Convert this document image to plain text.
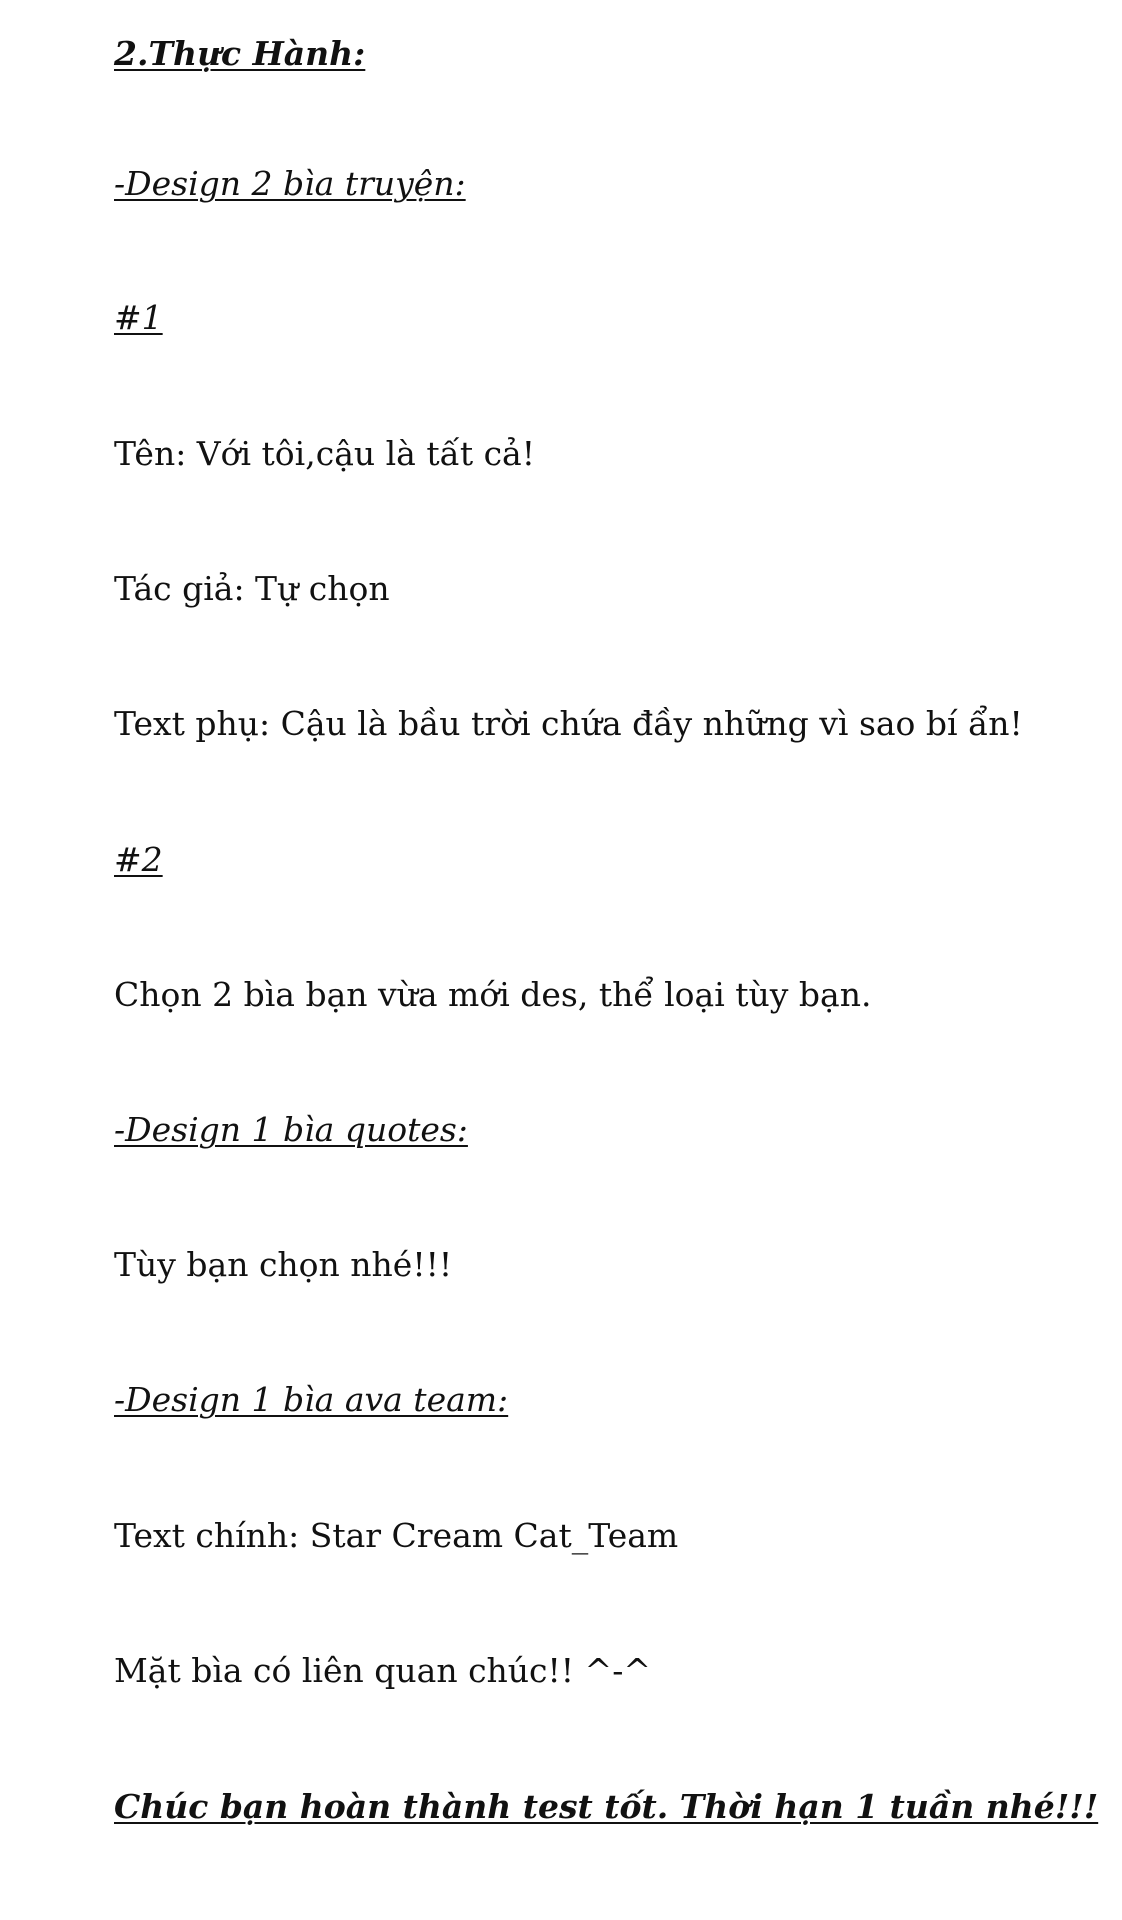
2.Thực Hành:
-Design 2 bìa truyện:
#1
Tên: Với tôi,cậu là tất cả!
Tác giả: Tự chọn
Text phụ: Cậu là bầu trời chứa đầy những vì sao bí ẩn!
#2
Chọn 2 bìa bạn vừa mới des, thể loại tùy bạn.
-Design 1 bìa quotes:
Tùy bạn chọn nhé!!!
-Design 1 bìa ava team:
Text chính: Star Cream Cat_Team
Mặt bìa có liên quan chúc!! ^-^
Chúc bạn hoàn thành test tốt. Thời hạn 1 tuần nhé!!!
